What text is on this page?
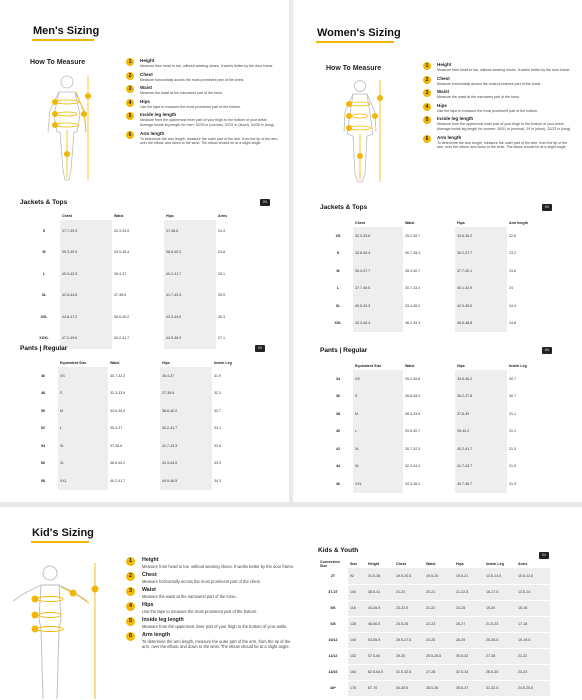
Men's Sizing
How To Measure	1	Height
Measure from head to toe, without wearing shoes. It works better by the door frame.
2	Chest
Measure horizontally across the most prominent part of the chest.
3	Waist
Measure the waist at the narrowest part of the torso.
4	Hips
Use the tape to measure the most prominent part of the bottom.
5	Inside leg length
Measure from the uppermost inner part of your thigh to the bottom of your ankle.
Average inside leg length for men: 32/33 in (normal), 30/31 in (short), 34/35 in (long)
6	Arm length
To determine the arm length, measure the outer part of the arm, from the tip of the arm, over the elbow, and down to the wrist. The elbow should be at a slight angle.
Jackets & Tops	IN
	Chest	Waist	Hips	Arms
S	37.7-39.3	32.3-33.9	37-38.6	24.4
M	39.3-40.9	33.9-35.4	38.6-40.2	24.8
L	40.9-42.5	35.4-37	40.2-41.7	25.1
XL	42.5-44.8	37-38.6	41.7-43.3	25.9
XXL	44.8-47.2	38.6-40.2	43.3-44.9	26.3
XXXL	47.2-49.6	40.2-41.7	44.9-46.9	27.1
Pants | Regular	IN
	Equivalent Size	Waist	Hips	Inside Leg
46	XS	30.7-32.3	35.4-37	31.9
48	S	32.3-33.9	37-38.6	32.3
50	M	33.9-35.4	38.6-40.2	32.7
52	L	35.4-37	40.2-41.7	33.1
54	XL	37-38.6	41.7-43.3	33.5
56	XL	38.6-40.2	43.3-44.9	33.9
58	XXL	40.2-41.7	44.9-46.5	34.3
Women's Sizing
How To Measure	1	Height
Measure from head to toe, without wearing shoes. It works better by the door frame.
2	Chest
Measure horizontally across the most prominent part of the chest.
3	Waist
Measure the waist at the narrowest part of the torso.
4	Hips
Use the tape to measure the most prominent part of the bottom.
5	Inside leg length
Measure from the uppermost inner part of your thigh to the bottom of your ankle.
Average inside leg length for women: 30/31 in (normal), 29 in (short), 32/33 in (long)
6	Arm length
To determine the arm length, measure the outer part of the arm, from the tip of the arm, over the elbow, and down to the wrist. The elbow should be at a slight angle.
Jackets & Tops	IN
	Chest	Waist	Hips	Arm length
XS	32.3-33.6	25.2-26.7	34.6-36.2	22.8
S	33.8-35.4	26.7-28.3	36.2-37.7	23.2
M	35.4-37.7	28.3-30.7	37.7-40.1	23.6
L	37.7-40.5	30.7-33.4	40.1-42.9	24
XL	40.5-43.3	33.4-36.2	42.9-45.6	24.4
XXL	43.3-46.4	36.2-39.3	45.6-48.8	24.8
Pants | Regular	IN
	Equivalent Size	Waist	Hips	Inside Leg
34	XS	25.2-26.8	34.6-36.2	30.7
36	S	26.8-28.3	36.2-37.8	30.7
38	M	28.3-29.5	37.8-39	31.1
40	L	29.5-30.7	39-40.2	31.1
42	XL	30.7-32.3	40.2-41.7	31.5
44	XL	32.3-34.3	41.7-43.7	31.5
46	XXL	34.3-36.2	43.7-45.7	31.9
Kid's Sizing
1	Height
Measure from head to toe, without wearing shoes. It works better by the door frame.
2	Chest
Measure horizontally across the most prominent part of the chest.
3	Waist
Measure the waist at the narrowest part of the torso.
4	Hips
Use the tape to measure the most prominent part of the bottom.
5	Inside leg length
Measure from the uppermost inner part of your thigh to the bottom of your ankle.
6	Arm length
To determine the arm length, measure the outer part of the arm, from the tip of the arm, over the elbow, and down to the wrist. The elbow should be at a slight angle.
Kids & Youth
IN
Conversion Size	Size	Height	Chest	Waist	Hips	Inside Leg	Arms
2T	92	31.5-36	19.5-20.5	19.5-20	19.5-21	13.5-14.5	10.5-12.5
3T-4T	104	38.5-41	21-22	20-21	21-22.5	16-17.5	13.5-14
5/6	116	43-45.5	23-23.5	21-22	24-25	19-20	15-16
6/8	128	48-50.5	24.5-25	22-23	26-27	21.5-23	17-18
10/12	140	53-55.5	26.5-27.5	24-25	28-29	25-26.5	19-19.5
11/12	152	57.5-60	29-30	25.5-26.5	30.5-32	27-28	21-22
14/16	164	62.5-64.5	31.5-32.5	27-28	32.5-34	28.5-30	23-24
18+	176	67-70	34-35.5	28.5-30	35.5-37	31-32.5	24.5-25.5
